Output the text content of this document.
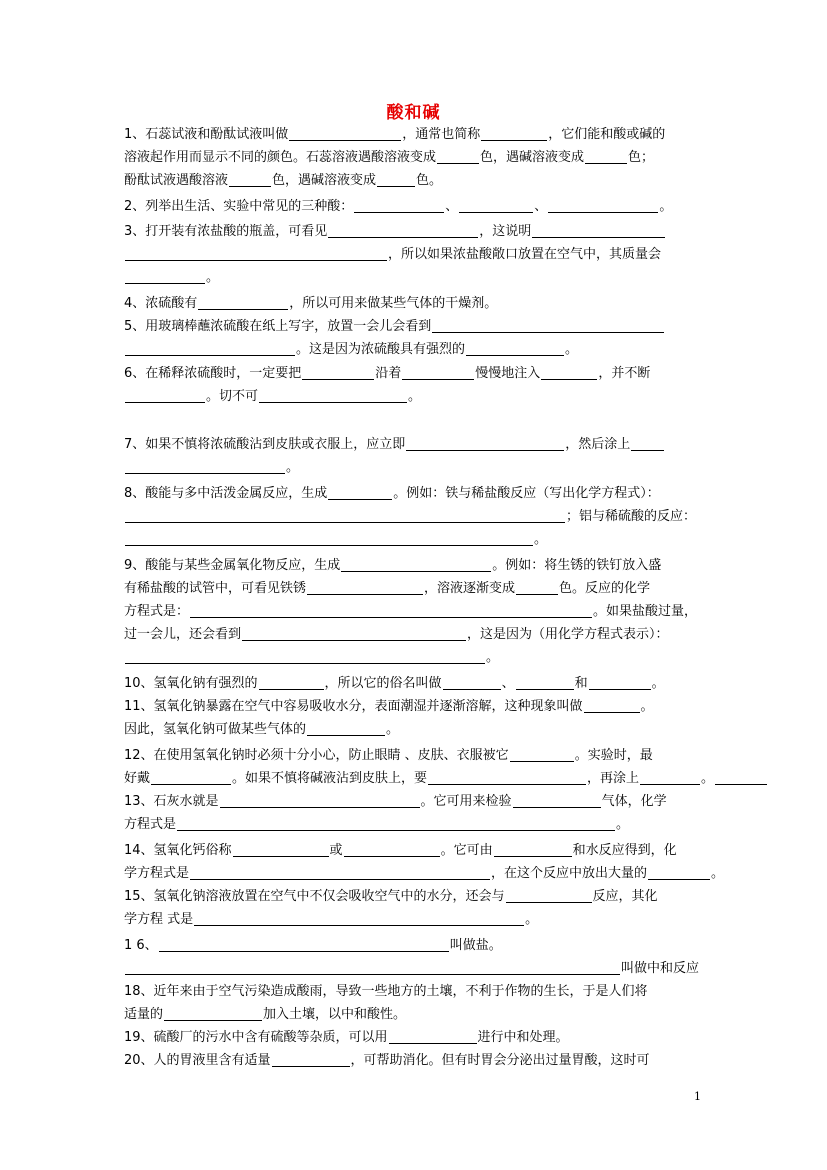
酸和碱
1、石蕊试液和酚酞试液叫做	，通常也简称	，它们能和酸或碱的
溶液起作用而显示不同的颜色。石蕊溶液遇酸溶液变成	色，遇碱溶液变成	色；
酚酞试液遇酸溶液	色，遇碱溶液变成	色。
2、列举出生活、实验中常见的三种酸：	、	、	。
3、打开装有浓盐酸的瓶盖，可看见	，这说明
，所以如果浓盐酸敞口放置在空气中，其质量会
。
4、浓硫酸有	，所以可用来做某些气体的干燥剂。
5、用玻璃棒蘸浓硫酸在纸上写字，放置一会儿会看到
。这是因为浓硫酸具有强烈的	。
6、在稀释浓硫酸时，一定要把	沿着	慢慢地注入	，并不断
。切不可	。
7、如果不慎将浓硫酸沾到皮肤或衣服上，应立即	，然后涂上
。
8、酸能与多中活泼金属反应，生成	。例如：铁与稀盐酸反应（写出化学方程式）：
；铝与稀硫酸的反应：
。
9、酸能与某些金属氧化物反应，生成	。例如：将生锈的铁钉放入盛
有稀盐酸的试管中，可看见铁锈	，溶液逐渐变成	色。反应的化学
方程式是：	。如果盐酸过量，
过一会儿，还会看到	，这是因为（用化学方程式表示）：
。
10、氢氧化钠有强烈的	，所以它的俗名叫做	、	和	。
11、氢氧化钠暴露在空气中容易吸收水分，表面潮湿并逐渐溶解，这种现象叫做	。
因此，氢氧化钠可做某些气体的	。
12、在使用氢氧化钠时必须十分小心，防止眼睛 、皮肤、衣服被它	。实验时，最
好戴	。如果不慎将碱液沾到皮肤上，要	，再涂上	。
13、石灰水就是	。它可用来检验	气体，化学
方程式是	。
14、氢氧化钙俗称	或	。它可由	和水反应得到，化
学方程式是	，在这个反应中放出大量的	。
15、氢氧化钠溶液放置在空气中不仅会吸收空气中的水分，还会与	反应，其化
学方程 式是	。
1 6、	叫做盐。
叫做中和反应
18、近年来由于空气污染造成酸雨，导致一些地方的土壤，不利于作物的生长，于是人们将
适量的	加入土壤，以中和酸性。
19、硫酸厂的污水中含有硫酸等杂质，可以用	进行中和处理。
20、人的胃液里含有适量	，可帮助消化。但有时胃会分泌出过量胃酸，这时可
1
